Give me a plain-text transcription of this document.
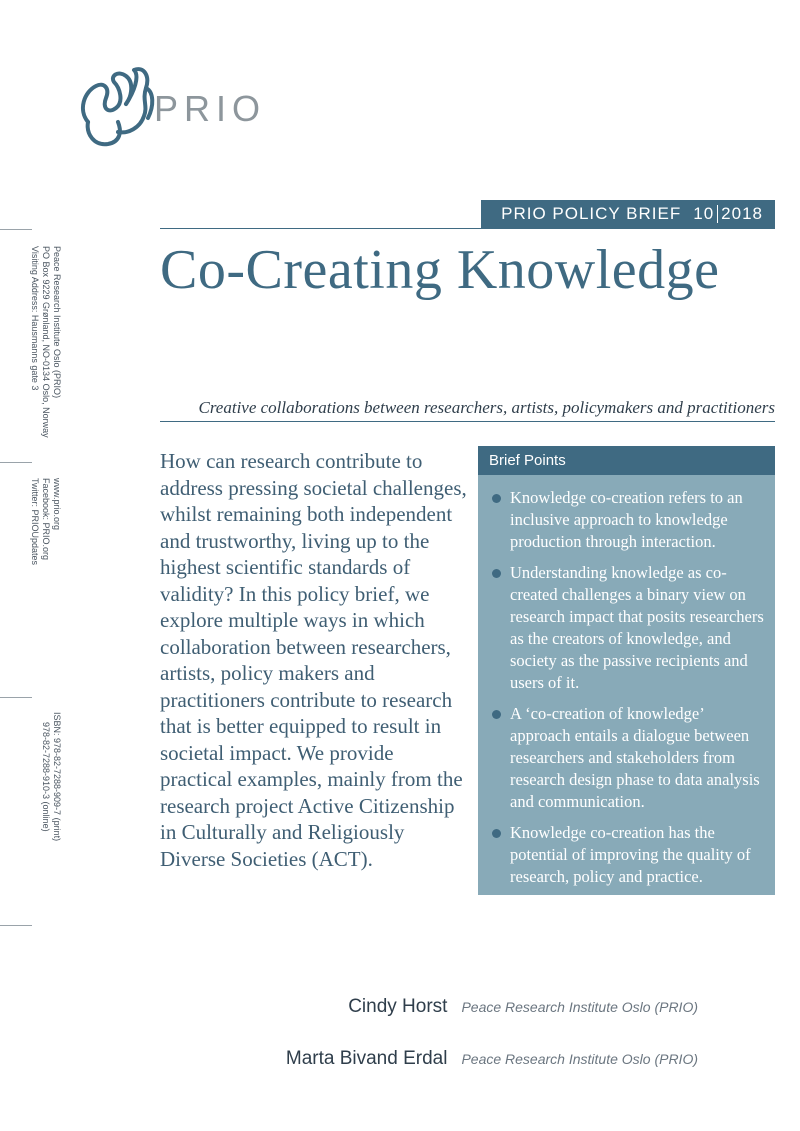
PRIO
Peace Research Institute Oslo (PRIO)
PO Box 9229 Grønland, NO-0134 Oslo, Norway
Visiting Address: Hausmanns gate 3
www.prio.org
Facebook: PRIO.org
Twitter: PRIOUpdates
ISBN: 978-82-7288-909-7 (print)
978-82-7288-910-3 (online)
PRIO POLICY BRIEF 10 2018
Co-Creating Knowledge
Creative collaborations between researchers, artists, policymakers and practitioners
How can research contribute to address pressing societal challenges, whilst remaining both independent and trustworthy, living up to the highest scientific standards of validity? In this policy brief, we explore multiple ways in which collaboration between researchers, artists, policy makers and practitioners contribute to research that is better equipped to result in societal impact. We provide practical examples, mainly from the research project Active Citizenship in Culturally and Religiously Diverse Societies (ACT).
Brief Points
Knowledge co-creation refers to an inclusive approach to knowledge production through interaction.
Understanding knowledge as co-created challenges a binary view on research impact that posits researchers as the creators of knowledge, and society as the passive recipients and users of it.
A ‘co-creation of knowledge’ approach entails a dialogue between researchers and stakeholders from research design phase to data analysis and communication.
Knowledge co-creation has the potential of improving the quality of research, policy and practice.
Cindy Horst Peace Research Institute Oslo (PRIO)
Marta Bivand Erdal Peace Research Institute Oslo (PRIO)
